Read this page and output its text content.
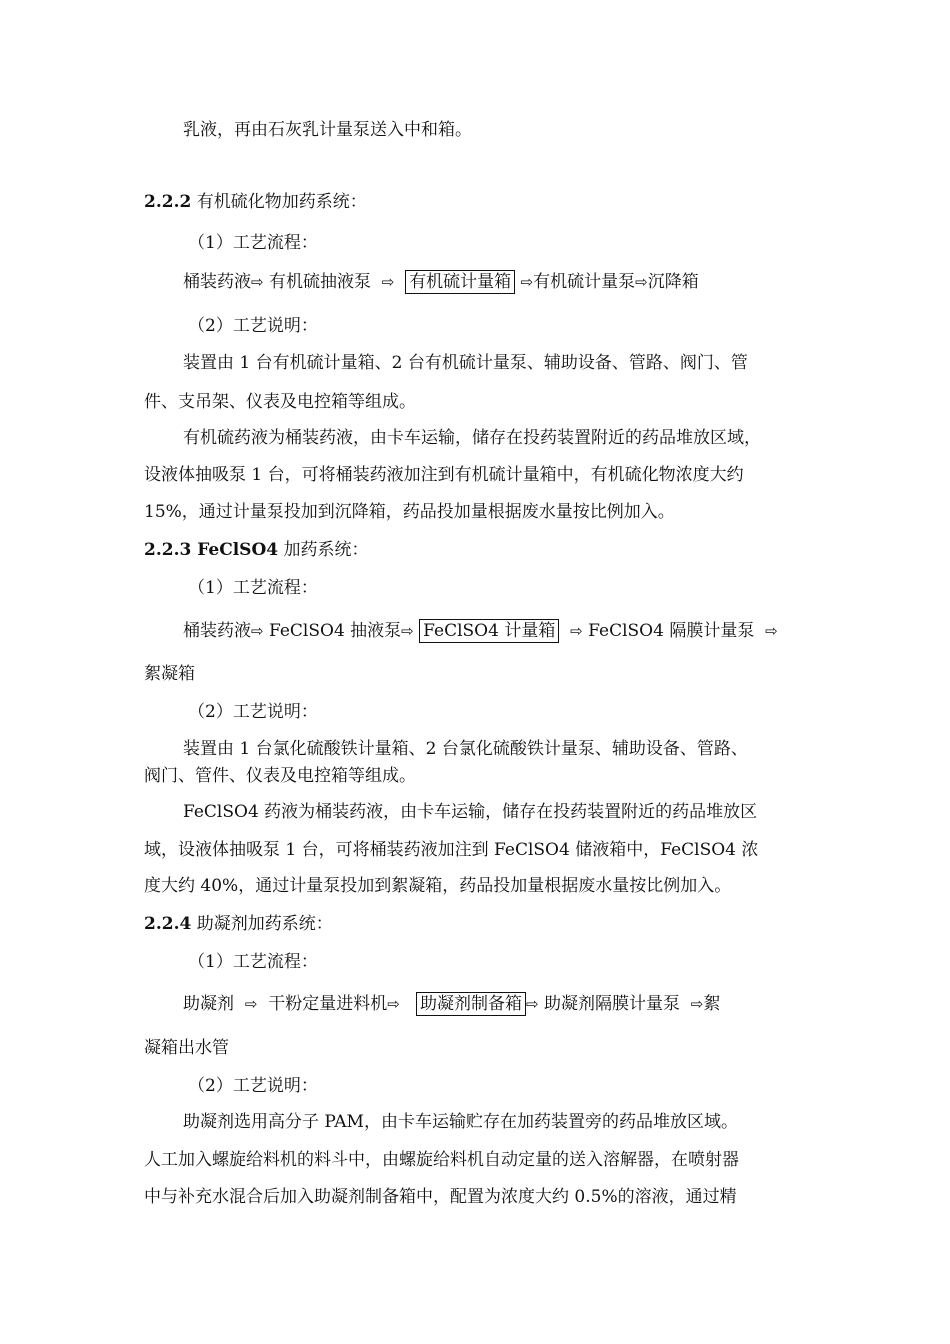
乳液，再由石灰乳计量泵送入中和箱。
2.2.2 有机硫化物加药系统：
（1）工艺流程：
桶装药液⇨ 有机硫抽液泵 ⇨ 有机硫计量箱 ⇨有机硫计量泵⇨沉降箱
（2）工艺说明：
装置由 1 台有机硫计量箱、2 台有机硫计量泵、辅助设备、管路、阀门、管
件、支吊架、仪表及电控箱等组成。
有机硫药液为桶装药液，由卡车运输，储存在投药装置附近的药品堆放区域，
设液体抽吸泵 1 台，可将桶装药液加注到有机硫计量箱中，有机硫化物浓度大约
15%，通过计量泵投加到沉降箱，药品投加量根据废水量按比例加入。
2.2.3 FeClSO4 加药系统：
（1）工艺流程：
桶装药液⇨ FeClSO4 抽液泵⇨ FeClSO4 计量箱 ⇨ FeClSO4 隔膜计量泵 ⇨
絮凝箱
（2）工艺说明：
装置由 1 台氯化硫酸铁计量箱、2 台氯化硫酸铁计量泵、辅助设备、管路、
阀门、管件、仪表及电控箱等组成。
FeClSO4 药液为桶装药液，由卡车运输，储存在投药装置附近的药品堆放区
域，设液体抽吸泵 1 台，可将桶装药液加注到 FeClSO4 储液箱中，FeClSO4 浓
度大约 40%，通过计量泵投加到絮凝箱，药品投加量根据废水量按比例加入。
2.2.4 助凝剂加药系统：
（1）工艺流程：
助凝剂 ⇨ 干粉定量进料机⇨ 助凝剂制备箱 ⇨ 助凝剂隔膜计量泵 ⇨絮
凝箱出水管
（2）工艺说明：
助凝剂选用高分子 PAM，由卡车运输贮存在加药装置旁的药品堆放区域。
人工加入螺旋给料机的料斗中，由螺旋给料机自动定量的送入溶解器，在喷射器
中与补充水混合后加入助凝剂制备箱中，配置为浓度大约 0.5%的溶液，通过精
